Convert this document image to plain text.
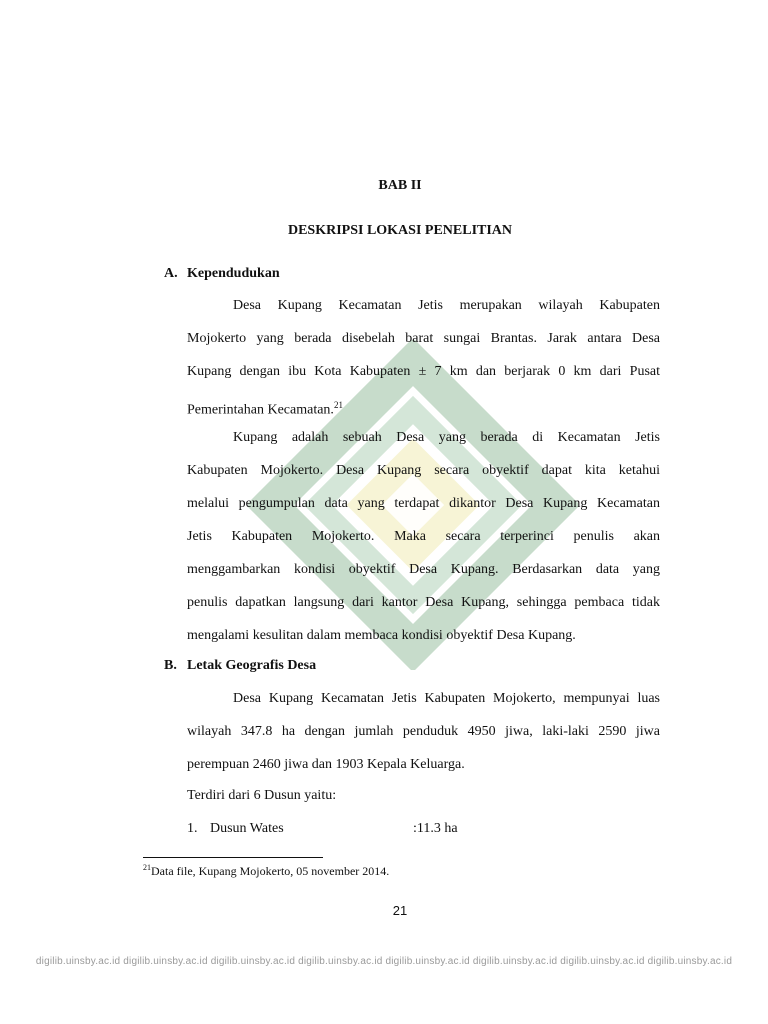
BAB II
DESKRIPSI LOKASI PENELITIAN
A. Kependudukan
Desa Kupang Kecamatan Jetis merupakan wilayah Kabupaten
Mojokerto yang berada disebelah barat sungai Brantas. Jarak antara Desa
Kupang dengan ibu Kota Kabupaten ± 7 km dan berjarak 0 km dari Pusat
Pemerintahan Kecamatan.$^{21}$
Kupang adalah sebuah Desa yang berada di Kecamatan Jetis
Kabupaten Mojokerto. Desa Kupang secara obyektif dapat kita ketahui
melalui pengumpulan data yang terdapat dikantor Desa Kupang Kecamatan
Jetis Kabupaten Mojokerto. Maka secara terperinci penulis akan
menggambarkan kondisi obyektif Desa Kupang. Berdasarkan data yang
penulis dapatkan langsung dari kantor Desa Kupang, sehingga pembaca tidak
mengalami kesulitan dalam membaca kondisi obyektif Desa Kupang.
B. Letak Geografis Desa
Desa Kupang Kecamatan Jetis Kabupaten Mojokerto, mempunyai luas
wilayah 347.8 ha dengan jumlah penduduk 4950 jiwa, laki-laki 2590 jiwa
perempuan 2460 jiwa dan 1903 Kepala Keluarga.
Terdiri dari 6 Dusun yaitu:
1. Dusun Wates	:11.3 ha
$^{21}$Data file, Kupang Mojokerto, 05 november 2014.
21
digilib.uinsby.ac.id digilib.uinsby.ac.id digilib.uinsby.ac.id digilib.uinsby.ac.id digilib.uinsby.ac.id digilib.uinsby.ac.id digilib.uinsby.ac.id digilib.uinsby.ac.id
